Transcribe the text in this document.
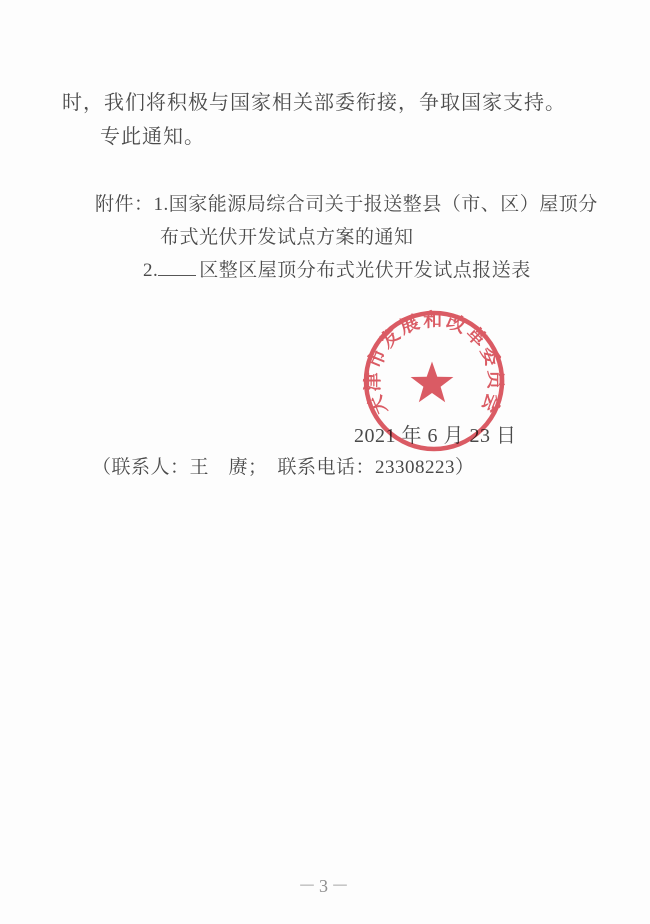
时，我们将积极与国家相关部委衔接，争取国家支持。

专此通知。

附件：1.国家能源局综合司关于报送整县（市、区）屋顶分

布式光伏开发试点方案的通知

2. 区整区屋顶分布式光伏开发试点报送表

2021 年 6 月 23 日

（联系人：王　赓；　联系电话：23308223）

天津市发展和改革委员会

－3－
